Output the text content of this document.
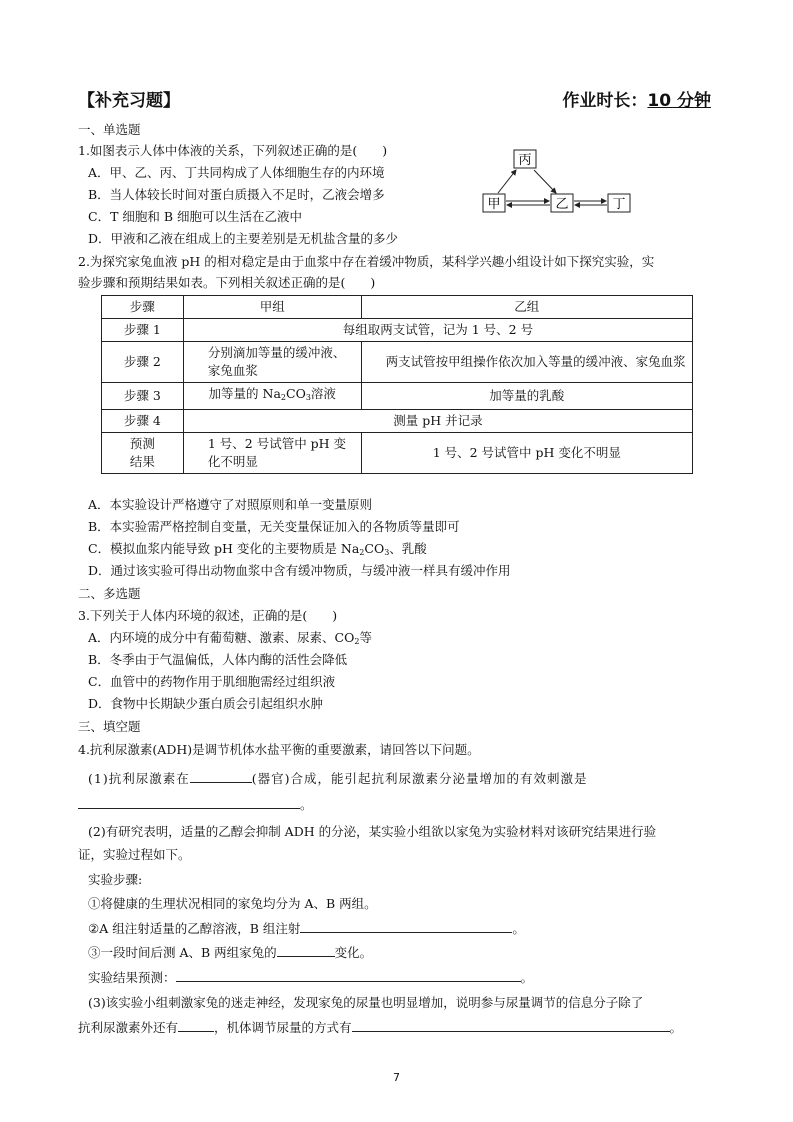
【补充习题】	作业时长：10 分钟
一、单选题
1.如图表示人体中体液的关系，下列叙述正确的是(　　)
A．甲、乙、丙、丁共同构成了人体细胞生存的内环境
B．当人体较长时间对蛋白质摄入不足时，乙液会增多
C．T 细胞和 B 细胞可以生活在乙液中
D．甲液和乙液在组成上的主要差别是无机盐含量的多少
丙
甲	乙	丁
2.为探究家兔血液 pH 的相对稳定是由于血浆中存在着缓冲物质，某科学兴趣小组设计如下探究实验，实
验步骤和预期结果如表。下列相关叙述正确的是(　　)
步骤	甲组	乙组
步骤 1	每组取两支试管，记为 1 号、2 号	
步骤 2	分别滴加等量的缓冲液、家兔血浆	两支试管按甲组操作依次加入等量的缓冲液、家兔血浆
步骤 3	加等量的 $Na_2CO_3$溶液	加等量的乳酸
步骤 4	测量 pH 并记录	
预测
结果	1 号、2 号试管中 pH 变化不明显	1 号、2 号试管中 pH 变化不明显
A．本实验设计严格遵守了对照原则和单一变量原则
B．本实验需严格控制自变量，无关变量保证加入的各物质等量即可
C．模拟血浆内能导致 pH 变化的主要物质是 $Na_2CO_3$、乳酸
D．通过该实验可得出动物血浆中含有缓冲物质，与缓冲液一样具有缓冲作用
二、多选题
3.下列关于人体内环境的叙述，正确的是(　　)
A．内环境的成分中有葡萄糖、激素、尿素、$CO_2$等
B．冬季由于气温偏低，人体内酶的活性会降低
C．血管中的药物作用于肌细胞需经过组织液
D．食物中长期缺少蛋白质会引起组织水肿
三、填空题
4.抗利尿激素(ADH)是调节机体水盐平衡的重要激素，请回答以下问题。
(1)抗利尿激素在	(器官)合成，能引起抗利尿激素分泌量增加的有效刺激是
。
(2)有研究表明，适量的乙醇会抑制 ADH 的分泌，某实验小组欲以家兔为实验材料对该研究结果进行验
证，实验过程如下。
实验步骤:
①将健康的生理状况相同的家兔均分为 A、B 两组。
②A 组注射适量的乙醇溶液，B 组注射	。
③一段时间后测 A、B 两组家兔的	变化。
实验结果预测：	。
(3)该实验小组刺激家兔的迷走神经，发现家兔的尿量也明显增加，说明参与尿量调节的信息分子除了
抗利尿激素外还有	，机体调节尿量的方式有	。
7
